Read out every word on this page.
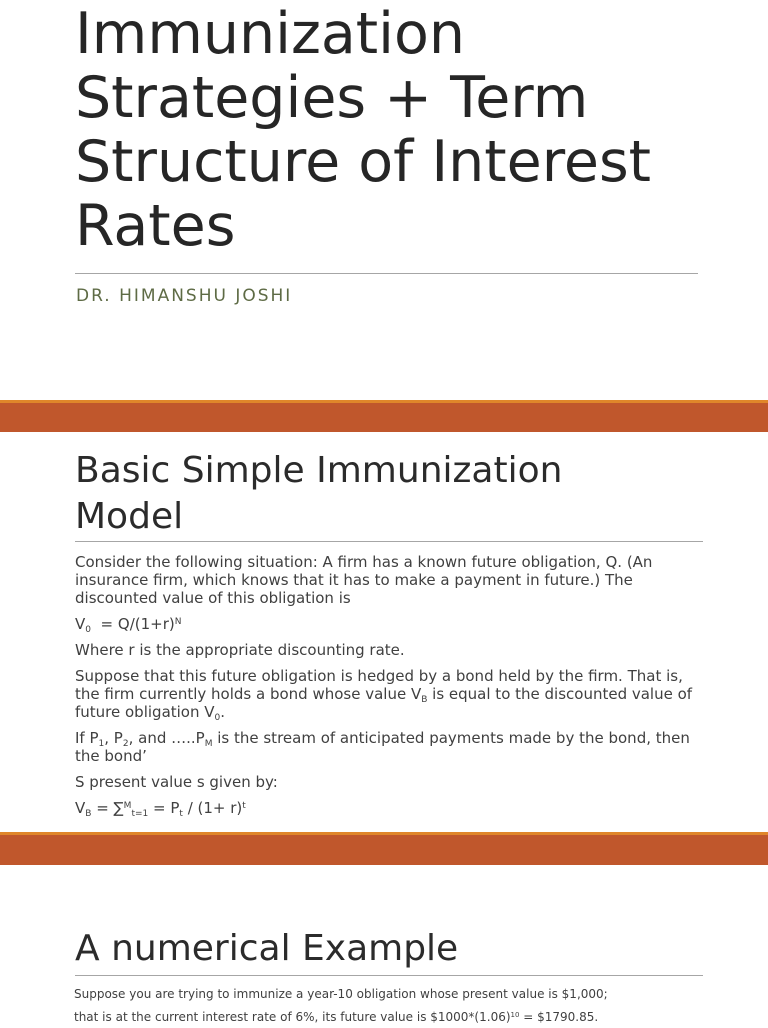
Immunization Strategies + Term Structure of Interest Rates
DR. HIMANSHU JOSHI
Basic Simple Immunization Model

Consider the following situation: A firm has a known future obligation, Q. (An insurance firm, which knows that it has to make a payment in future.) The discounted value of this obligation is

$V_0 = Q/(1+r)^N$

Where r is the appropriate discounting rate.

Suppose that this future obligation is hedged by a bond held by the firm. That is, the firm currently holds a bond whose value $V_B$ is equal to the discounted value of future obligation $V_0$.

If $P_1$, $P_2$, and $\dots..P_M$ is the stream of anticipated payments made by the bond, then the bond’

S present value s given by:

$V_B = \sum^M_{t=1} = P_t / (1+ r)^t$

A numerical Example

Suppose you are trying to immunize a year-10 obligation whose present value is $1,000;

that is at the current interest rate of 6%, its future value is $\$1000*(1.06)^{10}$ = $1790.85.
